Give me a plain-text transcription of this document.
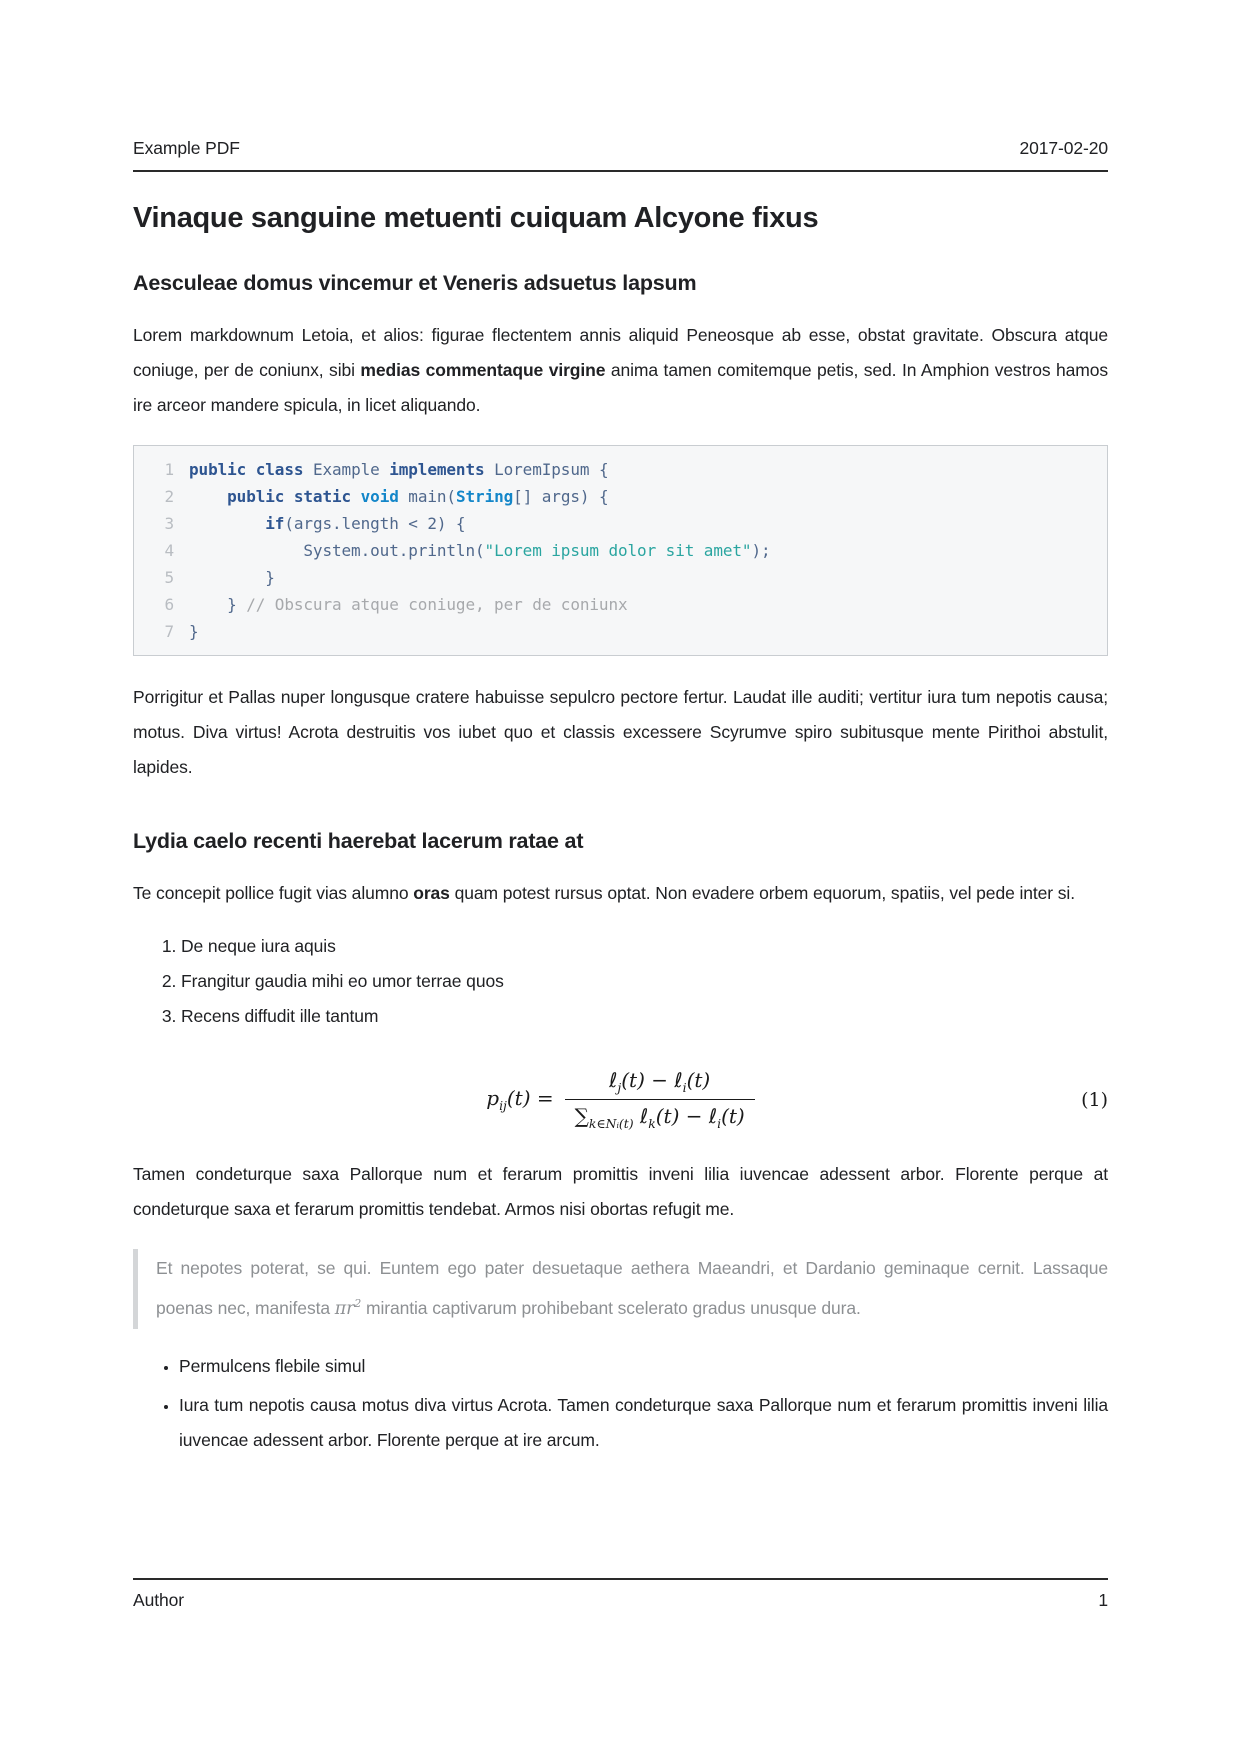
Example PDF	2017-02-20
Vinaque sanguine metuenti cuiquam Alcyone fixus
Aesculeae domus vincemur et Veneris adsuetus lapsum

Lorem markdownum Letoia, et alios: figurae flectentem annis aliquid Peneosque ab esse, obstat gravitate. Obscura atque coniuge, per de coniunx, sibi medias commentaque virgine anima tamen comitemque petis, sed. In Amphion vestros hamos ire arceor mandere spicula, in licet aliquando.

1 public class Example implements LoremIpsum {
2	public static void main(String[] args) {
3	if(args.length < 2) {
4 System.out.println("Lorem ipsum dolor sit amet");
5 }
6 } // Obscura atque coniuge, per de coniunx
7 }

Porrigitur et Pallas nuper longusque cratere habuisse sepulcro pectore fertur. Laudat ille auditi; vertitur iura tum nepotis causa; motus. Diva virtus! Acrota destruitis vos iubet quo et classis excessere Scyrumve spiro subitusque mente Pirithoi abstulit, lapides.

Lydia caelo recenti haerebat lacerum ratae at

Te concepit pollice fugit vias alumno oras quam potest rursus optat. Non evadere orbem equorum, spatiis, vel pede inter si.

1. De neque iura aquis
2. Frangitur gaudia mihi eo umor terrae quos
3. Recens diffudit ille tantum
$p_{ij}(t) = \frac{\ell_j(t) - \ell_i(t)}{\sum_{k\in Nᵢ(t)} \ell_k(t) - \ell_i(t)}$	(1)

Tamen condeturque saxa Pallorque num et ferarum promittis inveni lilia iuvencae adessent arbor. Florente perque at condeturque saxa et ferarum promittis tendebat. Armos nisi obortas refugit me.

Et nepotes poterat, se qui. Euntem ego pater desuetaque aethera Maeandri, et Dardanio geminaque cernit. Lassaque poenas nec, manifesta $\pi r^2$ mirantia captivarum prohibebant scelerato gradus unusque dura.
• Permulcens flebile simul
• Iura tum nepotis causa motus diva virtus Acrota. Tamen condeturque saxa Pallorque num et ferarum promittis inveni lilia iuvencae adessent arbor. Florente perque at ire arcum.
Author	1
